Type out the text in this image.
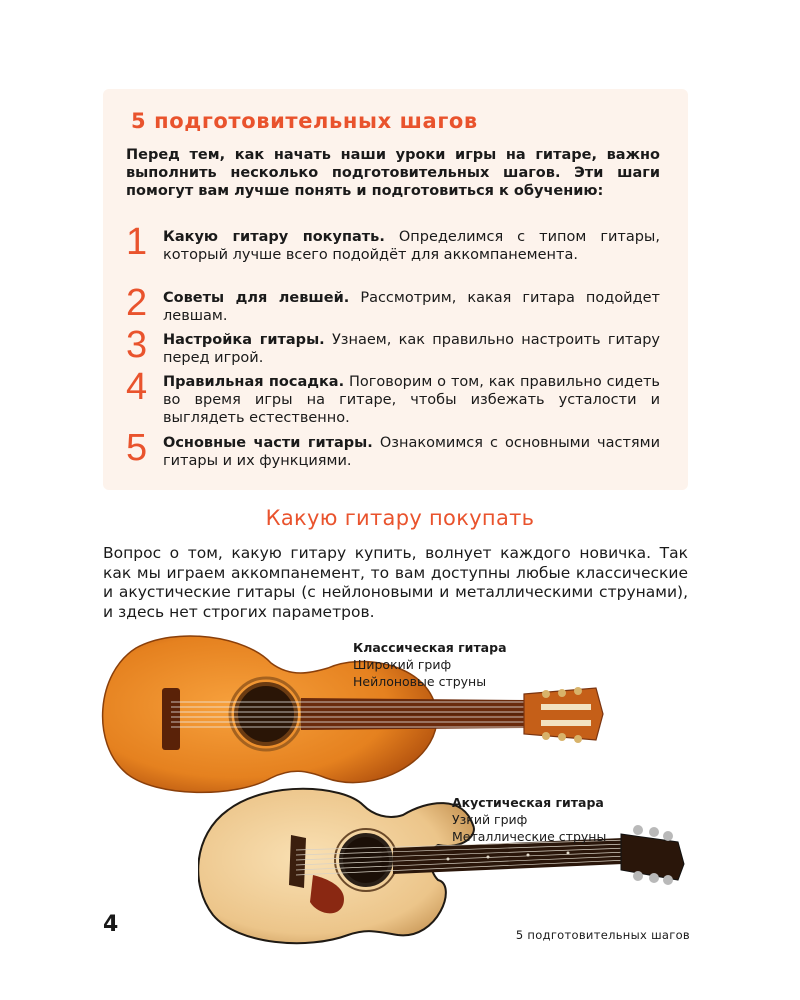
5 подготовительных шагов

Перед тем, как начать наши уроки игры на гитаре, важно выполнить несколько подготовительных шагов. Эти шаги помогут вам лучше понять и подготовиться к обучению:

1	Какую гитару покупать. Определимся с типом гитары, который лучше всего подойдёт для аккомпанемента.

2	Советы для левшей. Рассмотрим, какая гитара подойдет левшам.

3	Настройка гитары. Узнаем, как правильно настроить гитару перед игрой.

4	Правильная посадка. Поговорим о том, как правильно сидеть во время игры на гитаре, чтобы избежать усталости и выглядеть естественно.

5	Основные части гитары. Ознакомимся с основными частями гитары и их функциями.

Какую гитару покупать

Вопрос о том, какую гитару купить, волнует каждого новичка. Так как мы играем аккомпанемент, то вам доступны любые классические и акустические гитары (с нейлоновыми и металлическими струнами), и здесь нет строгих параметров.

Классическая гитара
Широкий гриф
Нейлоновые струны
Акустическая гитара
Узкий гриф
Металлические струны

4	5 подготовительных шагов
